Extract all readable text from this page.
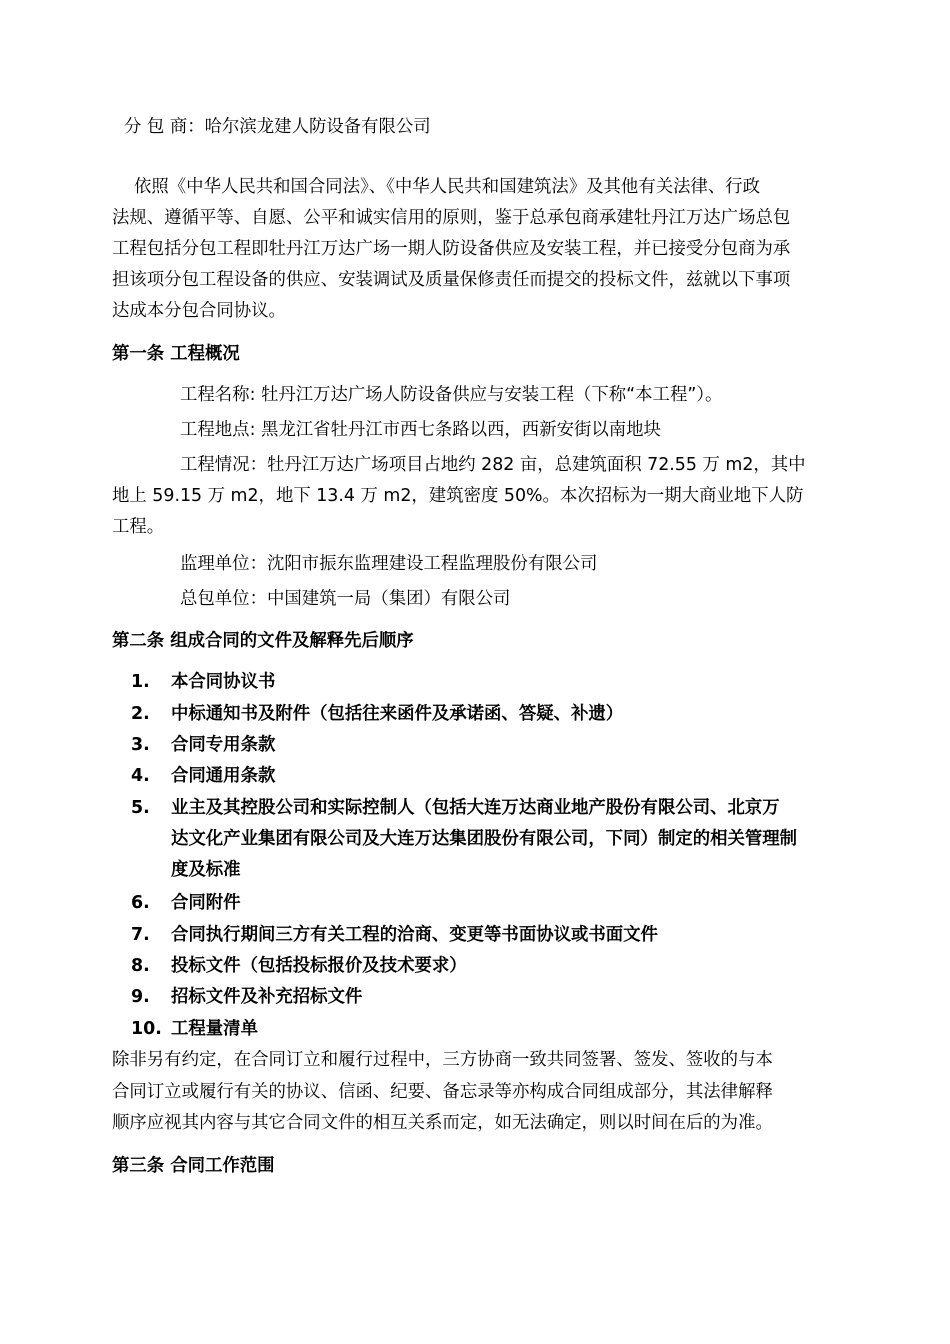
分 包 商：哈尔滨龙建人防设备有限公司
依照《中华人民共和国合同法》、《中华人民共和国建筑法》及其他有关法律、行政
法规、遵循平等、自愿、公平和诚实信用的原则，鉴于总承包商承建牡丹江万达广场总包
工程包括分包工程即牡丹江万达广场一期人防设备供应及安装工程，并已接受分包商为承
担该项分包工程设备的供应、安装调试及质量保修责任而提交的投标文件，兹就以下事项
达成本分包合同协议。
第一条 工程概况
工程名称: 牡丹江万达广场人防设备供应与安装工程（下称“本工程”）。
工程地点: 黑龙江省牡丹江市西七条路以西，西新安街以南地块
工程情况：牡丹江万达广场项目占地约 282 亩，总建筑面积 72.55 万 m2，其中
地上 59.15 万 m2，地下 13.4 万 m2，建筑密度 50%。本次招标为一期大商业地下人防
工程。
监理单位：沈阳市振东监理建设工程监理股份有限公司
总包单位：中国建筑一局（集团）有限公司
第二条 组成合同的文件及解释先后顺序
1. 本合同协议书
2. 中标通知书及附件（包括往来函件及承诺函、答疑、补遗）
3. 合同专用条款
4. 合同通用条款
5. 业主及其控股公司和实际控制人（包括大连万达商业地产股份有限公司、北京万
达文化产业集团有限公司及大连万达集团股份有限公司，下同）制定的相关管理制
度及标准
6. 合同附件
7. 合同执行期间三方有关工程的洽商、变更等书面协议或书面文件
8. 投标文件（包括投标报价及技术要求）
9. 招标文件及补充招标文件
10. 工程量清单
除非另有约定，在合同订立和履行过程中，三方协商一致共同签署、签发、签收的与本
合同订立或履行有关的协议、信函、纪要、备忘录等亦构成合同组成部分，其法律解释
顺序应视其内容与其它合同文件的相互关系而定，如无法确定，则以时间在后的为准。
第三条 合同工作范围
